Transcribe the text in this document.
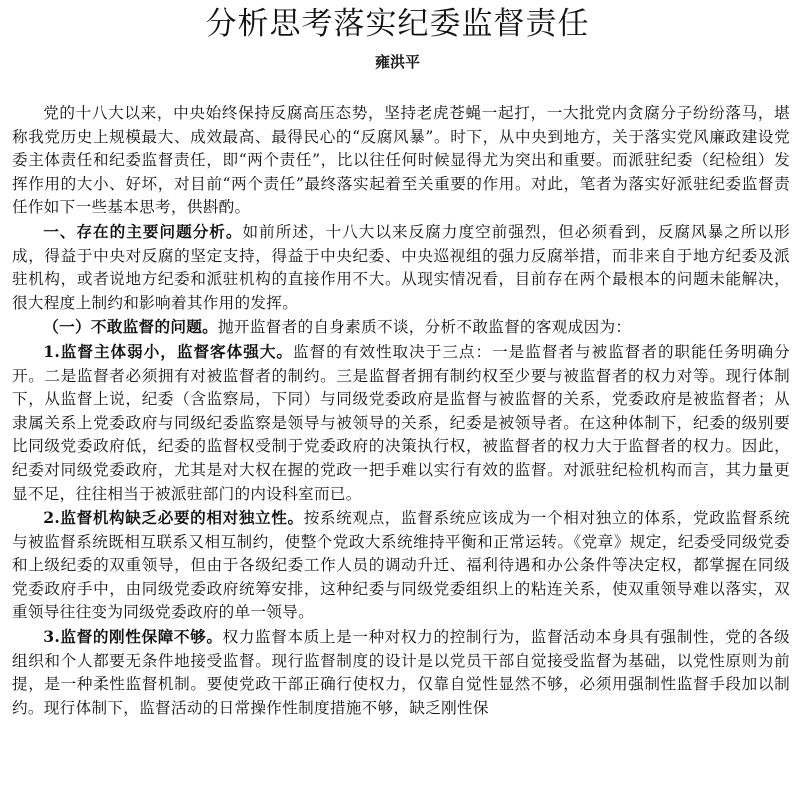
分析思考落实纪委监督责任
雍洪平

党的十八大以来，中央始终保持反腐高压态势，坚持老虎苍蝇一起打，一大批党内贪腐分子纷纷落马，堪称我党历史上规模最大、成效最高、最得民心的“反腐风暴”。时下，从中央到地方，关于落实党风廉政建设党委主体责任和纪委监督责任，即“两个责任”，比以往任何时候显得尤为突出和重要。而派驻纪委（纪检组）发挥作用的大小、好坏，对目前“两个责任”最终落实起着至关重要的作用。对此，笔者为落实好派驻纪委监督责任作如下一些基本思考，供斟酌。

一、存在的主要问题分析。如前所述，十八大以来反腐力度空前强烈，但必须看到，反腐风暴之所以形成，得益于中央对反腐的坚定支持，得益于中央纪委、中央巡视组的强力反腐举措，而非来自于地方纪委及派驻机构，或者说地方纪委和派驻机构的直接作用不大。从现实情况看，目前存在两个最根本的问题未能解决，很大程度上制约和影响着其作用的发挥。

（一）不敢监督的问题。抛开监督者的自身素质不谈，分析不敢监督的客观成因为：

1.监督主体弱小，监督客体强大。监督的有效性取决于三点：一是监督者与被监督者的职能任务明确分开。二是监督者必须拥有对被监督者的制约。三是监督者拥有制约权至少要与被监督者的权力对等。现行体制下，从监督上说，纪委（含监察局，下同）与同级党委政府是监督与被监督的关系，党委政府是被监督者；从隶属关系上党委政府与同级纪委监察是领导与被领导的关系，纪委是被领导者。在这种体制下，纪委的级别要比同级党委政府低，纪委的监督权受制于党委政府的决策执行权，被监督者的权力大于监督者的权力。因此，纪委对同级党委政府，尤其是对大权在握的党政一把手难以实行有效的监督。对派驻纪检机构而言，其力量更显不足，往往相当于被派驻部门的内设科室而已。

2.监督机构缺乏必要的相对独立性。按系统观点，监督系统应该成为一个相对独立的体系，党政监督系统与被监督系统既相互联系又相互制约，使整个党政大系统维持平衡和正常运转。《党章》规定，纪委受同级党委和上级纪委的双重领导，但由于各级纪委工作人员的调动升迁、福利待遇和办公条件等决定权，都掌握在同级党委政府手中，由同级党委政府统筹安排，这种纪委与同级党委组织上的粘连关系，使双重领导难以落实，双重领导往往变为同级党委政府的单一领导。

3.监督的刚性保障不够。权力监督本质上是一种对权力的控制行为，监督活动本身具有强制性，党的各级组织和个人都要无条件地接受监督。现行监督制度的设计是以党员干部自觉接受监督为基础，以党性原则为前提，是一种柔性监督机制。要使党政干部正确行使权力，仅靠自觉性显然不够，必须用强制性监督手段加以制约。现行体制下，监督活动的日常操作性制度措施不够，缺乏刚性保
